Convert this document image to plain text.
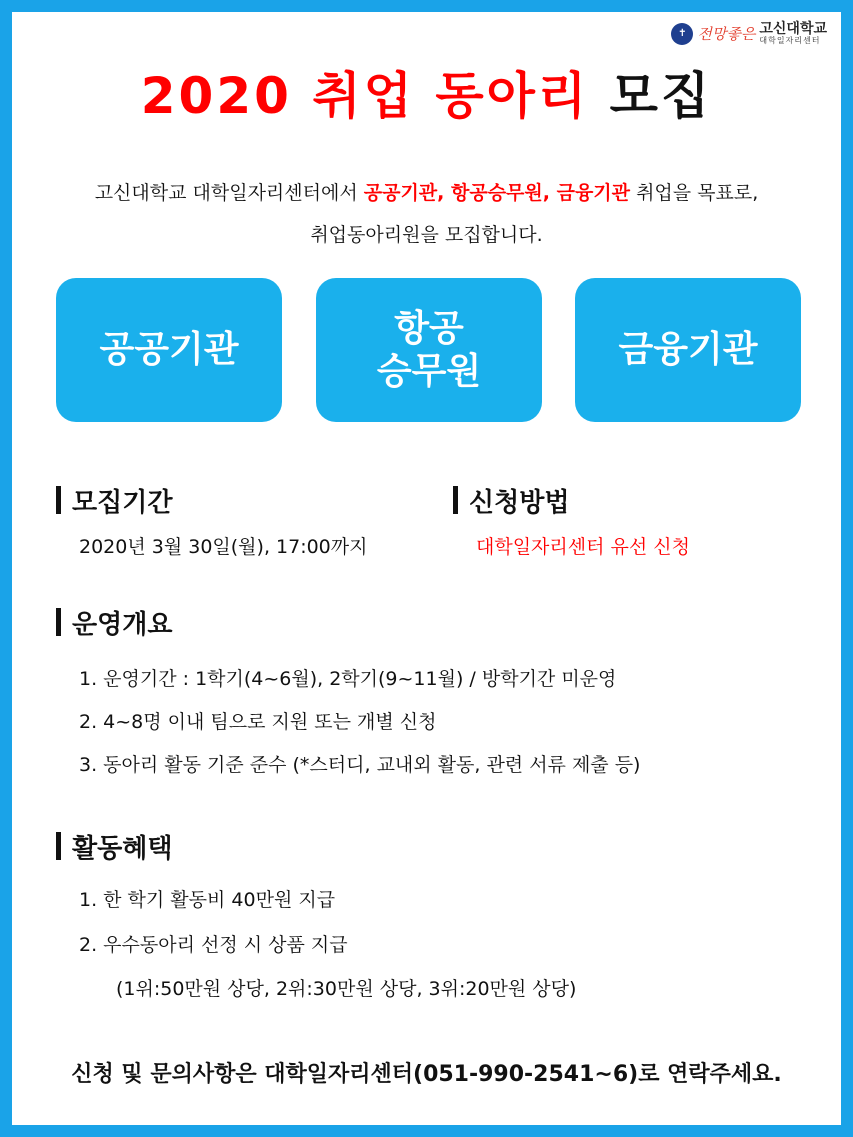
✝ 전망좋은 고신대학교
대학일자리센터
2020 취업 동아리 모집
고신대학교 대학일자리센터에서 공공기관, 항공승무원, 금융기관 취업을 목표로,
취업동아리원을 모집합니다.
공공기관
항공
승무원
금융기관
모집기간
2020년 3월 30일(월), 17:00까지
신청방법
대학일자리센터 유선 신청
운영개요
1. 운영기간 : 1학기(4~6월), 2학기(9~11월) / 방학기간 미운영
2. 4~8명 이내 팀으로 지원 또는 개별 신청
3. 동아리 활동 기준 준수 (*스터디, 교내외 활동, 관련 서류 제출 등)
활동혜택
1. 한 학기 활동비 40만원 지급
2. 우수동아리 선정 시 상품 지급
(1위:50만원 상당, 2위:30만원 상당, 3위:20만원 상당)
신청 및 문의사항은 대학일자리센터(051-990-2541~6)로 연락주세요.
